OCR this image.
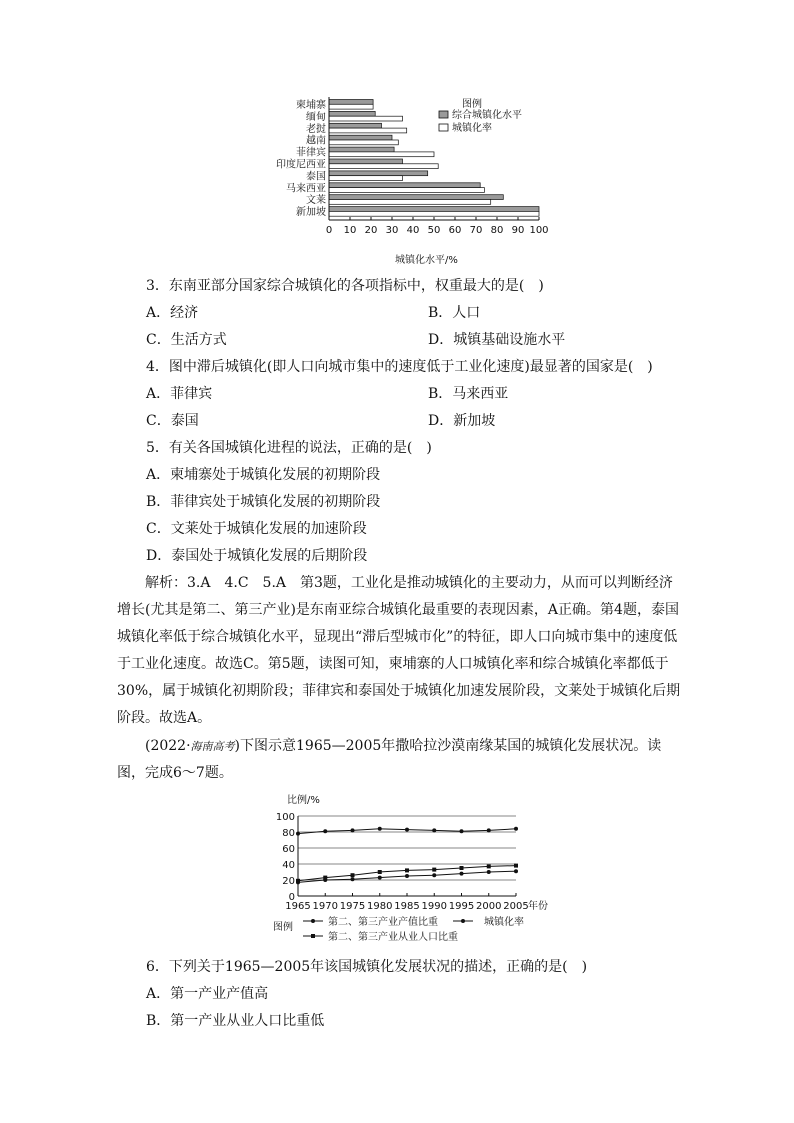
柬埔寨
缅甸
老挝
越南
菲律宾
印度尼西亚
泰国
马来西亚
文莱
新加坡
0 10 20 30 40 50 60 70 80 90 100
图例
综合城镇化水平
城镇化率
城镇化水平/%
3．东南亚部分国家综合城镇化的各项指标中，权重最大的是(　)
A．经济	B．人口
C．生活方式	D．城镇基础设施水平
4．图中滞后城镇化(即人口向城市集中的速度低于工业化速度)最显著的国家是(　)
A．菲律宾	B．马来西亚
C．泰国	D．新加坡
5．有关各国城镇化进程的说法，正确的是(　)
A．柬埔寨处于城镇化发展的初期阶段
B．菲律宾处于城镇化发展的初期阶段
C．文莱处于城镇化发展的加速阶段
D．泰国处于城镇化发展的后期阶段
解析：3.A　4.C　5.A　第3题，工业化是推动城镇化的主要动力，从而可以判断经济增长(尤其是第二、第三产业)是东南亚综合城镇化最重要的表现因素，A正确。第4题，泰国城镇化率低于综合城镇化水平，显现出“滞后型城市化”的特征，即人口向城市集中的速度低于工业化速度。故选C。第5题，读图可知，柬埔寨的人口城镇化率和综合城镇化率都低于30%，属于城镇化初期阶段；菲律宾和泰国处于城镇化加速发展阶段，文莱处于城镇化后期阶段。故选A。
(2022·海南高考)下图示意1965—2005年撒哈拉沙漠南缘某国的城镇化发展状况。读图，完成6～7题。
比例/%
0
20
40
60
80
100
1965 1970 1975 1980 1985 1990 1995 2000 2005 年份
图例	第二、第三产业产值比重	城镇化率
第二、第三产业从业人口比重
6．下列关于1965—2005年该国城镇化发展状况的描述，正确的是(　)
A．第一产业产值高
B．第一产业从业人口比重低
